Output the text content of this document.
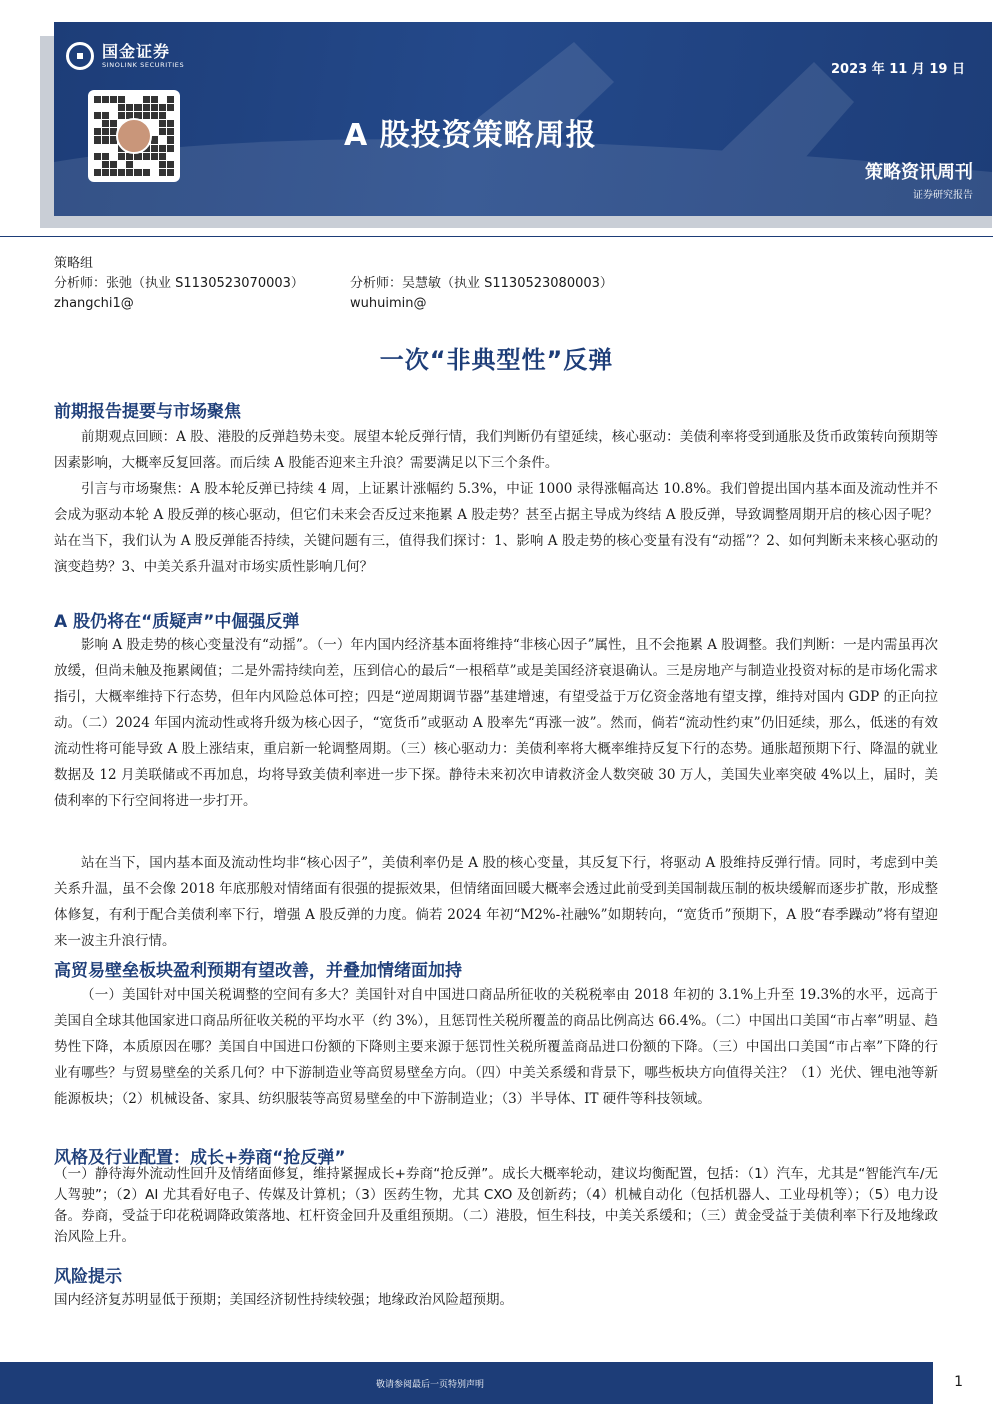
国金证券
SINOLINK SECURITIES	2023 年 11 月 19 日
A 股投资策略周报
策略资讯周刊
证券研究报告
策略组
分析师：张弛（执业 S1130523070003）
zhangchi1@
分析师：吴慧敏（执业 S1130523080003）
wuhuimin@
一次“非典型性”反弹
前期报告提要与市场聚焦
前期观点回顾：A 股、港股的反弹趋势未变。展望本轮反弹行情，我们判断仍有望延续，核心驱动：美债利率将受到通胀及货币政策转向预期等因素影响，大概率反复回落。而后续 A 股能否迎来主升浪？需要满足以下三个条件。
引言与市场聚焦：A 股本轮反弹已持续 4 周，上证累计涨幅约 5.3%，中证 1000 录得涨幅高达 10.8%。我们曾提出国内基本面及流动性并不会成为驱动本轮 A 股反弹的核心驱动，但它们未来会否反过来拖累 A 股走势？甚至占据主导成为终结 A 股反弹，导致调整周期开启的核心因子呢？站在当下，我们认为 A 股反弹能否持续，关键问题有三，值得我们探讨：1、影响 A 股走势的核心变量有没有“动摇”？2、如何判断未来核心驱动的演变趋势？3、中美关系升温对市场实质性影响几何？
A 股仍将在“质疑声”中倔强反弹
影响 A 股走势的核心变量没有“动摇”。（一）年内国内经济基本面将维持“非核心因子”属性，且不会拖累 A 股调整。我们判断：一是内需虽再次放缓，但尚未触及拖累阈值；二是外需持续向差，压到信心的最后“一根稻草”或是美国经济衰退确认。三是房地产与制造业投资对标的是市场化需求指引，大概率维持下行态势，但年内风险总体可控；四是“逆周期调节器”基建增速，有望受益于万亿资金落地有望支撑，维持对国内 GDP 的正向拉动。（二）2024 年国内流动性或将升级为核心因子，“宽货币”或驱动 A 股率先“再涨一波”。然而，倘若“流动性约束”仍旧延续，那么，低迷的有效流动性将可能导致 A 股上涨结束，重启新一轮调整周期。（三）核心驱动力：美债利率将大概率维持反复下行的态势。通胀超预期下行、降温的就业数据及 12 月美联储或不再加息，均将导致美债利率进一步下探。静待未来初次申请救济金人数突破 30 万人，美国失业率突破 4%以上，届时，美债利率的下行空间将进一步打开。
站在当下，国内基本面及流动性均非“核心因子”，美债利率仍是 A 股的核心变量，其反复下行，将驱动 A 股维持反弹行情。同时，考虑到中美关系升温，虽不会像 2018 年底那般对情绪面有很强的提振效果，但情绪面回暖大概率会透过此前受到美国制裁压制的板块缓解而逐步扩散，形成整体修复，有利于配合美债利率下行，增强 A 股反弹的力度。倘若 2024 年初“M2%-社融%”如期转向，“宽货币”预期下，A 股“春季躁动”将有望迎来一波主升浪行情。
高贸易壁垒板块盈利预期有望改善，并叠加情绪面加持
（一）美国针对中国关税调整的空间有多大？美国针对自中国进口商品所征收的关税税率由 2018 年初的 3.1%上升至 19.3%的水平，远高于美国自全球其他国家进口商品所征收关税的平均水平（约 3%），且惩罚性关税所覆盖的商品比例高达 66.4%。（二）中国出口美国“市占率”明显、趋势性下降，本质原因在哪？美国自中国进口份额的下降则主要来源于惩罚性关税所覆盖商品进口份额的下降。（三）中国出口美国“市占率”下降的行业有哪些？与贸易壁垒的关系几何？中下游制造业等高贸易壁垒方向。（四）中美关系缓和背景下，哪些板块方向值得关注？（1）光伏、锂电池等新能源板块；（2）机械设备、家具、纺织服装等高贸易壁垒的中下游制造业；（3）半导体、IT 硬件等科技领域。
风格及行业配置：成长+券商“抢反弹”
（一）静待海外流动性回升及情绪面修复，维持紧握成长+券商“抢反弹”。成长大概率轮动，建议均衡配置，包括：（1）汽车，尤其是“智能汽车/无人驾驶”；（2）AI 尤其看好电子、传媒及计算机；（3）医药生物，尤其 CXO 及创新药；（4）机械自动化（包括机器人、工业母机等）；（5）电力设备。券商，受益于印花税调降政策落地、杠杆资金回升及重组预期。（二）港股，恒生科技，中美关系缓和；（三）黄金受益于美债利率下行及地缘政治风险上升。
风险提示
国内经济复苏明显低于预期；美国经济韧性持续较强；地缘政治风险超预期。
敬请参阅最后一页特别声明	1
